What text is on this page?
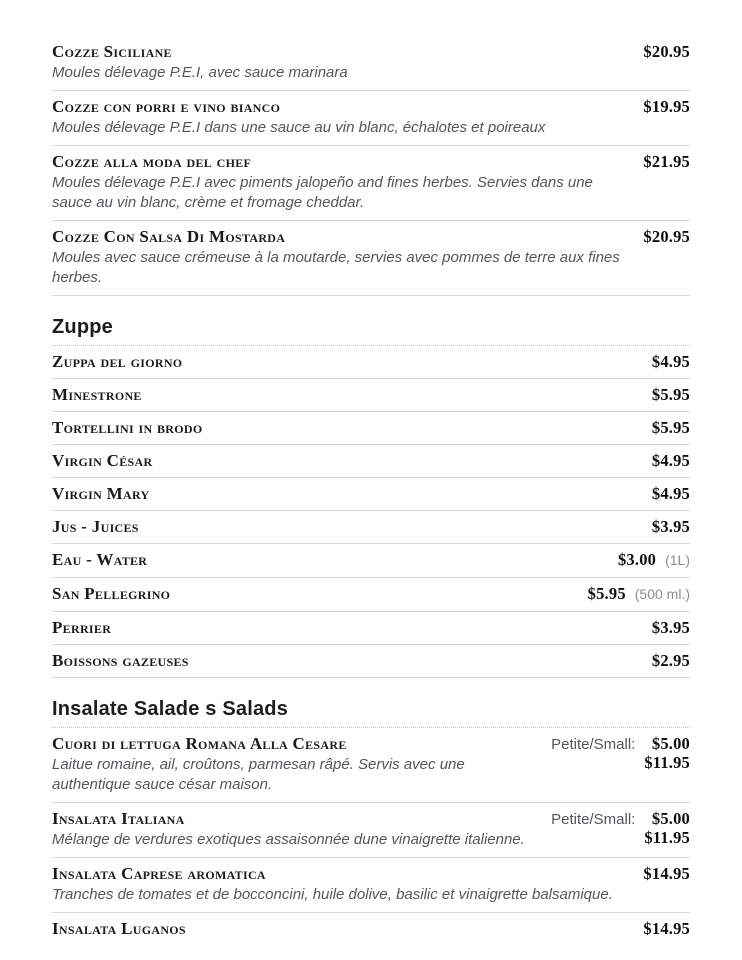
Cozze Siciliane
Moules délevage P.E.I, avec sauce marinara
$20.95
Cozze con porri e vino bianco
Moules délevage P.E.I dans une sauce au vin blanc, échalotes et poireaux
$19.95
Cozze alla moda del chef
Moules délevage P.E.I avec piments jalopeño and fines herbes. Servies dans une sauce au vin blanc, crème et fromage cheddar.
$21.95
Cozze Con Salsa Di Mostarda
Moules avec sauce crémeuse à la moutarde, servies avec pommes de terre aux fines herbes.
$20.95
Zuppe
Zuppa del giorno	$4.95
Minestrone	$5.95
Tortellini in brodo	$5.95
Virgin César	$4.95
Virgin Mary	$4.95
Jus - Juices	$3.95
Eau - Water	$3.00 (1L)
San Pellegrino	$5.95 (500 ml.)
Perrier	$3.95
Boissons gazeuses	$2.95
Insalate Salade s Salads
Cuori di lettuga Romana Alla Cesare
Laitue romaine, ail, croûtons, parmesan râpé. Servis avec une authentique sauce césar maison.
Petite/Small: $5.00
$11.95
Insalata Italiana
Mélange de verdures exotiques assaisonnée dune vinaigrette italienne.
Petite/Small: $5.00
$11.95
Insalata Caprese aromatica
Tranches de tomates et de bocconcini, huile dolive, basilic et vinaigrette balsamique.
$14.95
Insalata Luganos	$14.95
